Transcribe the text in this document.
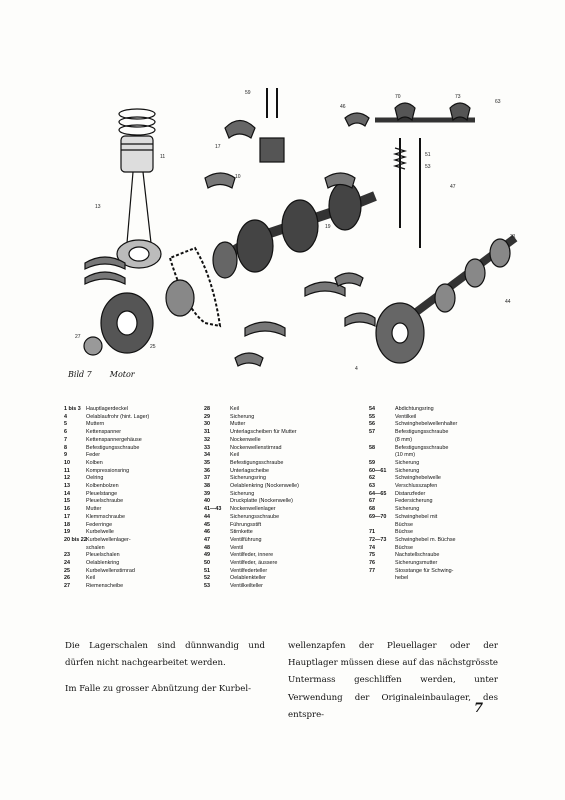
13
11
17
10
59
46
70	73
63
51
53
47
27
25
19
31
44
4
Bild 7 Motor
1 bis 3 Hauptlagerdeckel
4	Oelablaufrohr (hint. Lager)
5	Muttern
6	Kettenspanner
7	Kettenspannergehäuse
8	Befestigungsschraube
9	Feder
10	Kolben
11	Kompressionsring
12	Oelring
13	Kolbenbolzen
14	Pleuelstange
15	Pleuelschraube
16	Mutter
17	Klemmschraube
18	Federringe
19	Kurbelwelle
20 bis 22 Kurbelwellenlager-
schalen
23	Pleuelschalen
24	Oelablenkring
25	Kurbelwellenstirnrad
26	Keil
27	Riemenscheibe
28	Keil
29	Sicherung
30	Mutter
31	Unterlagscheiben für Mutter
32	Nockenwelle
33	Nockenwellenstirnrad
34	Keil
35	Befestigungsschraube
36	Unterlagscheibe
37	Sicherungsring
38	Oelablenkring (Nockenwelle)
39	Sicherung
40	Druckplatte (Nockenwelle)
41—43	Nockenwellenlager
44	Sicherungsschraube
45	Führungsstift
46	Stirnkette
47	Ventilführung
48	Ventil
49	Ventilfeder, innere
50	Ventilfeder, äussere
51	Ventilfederteller
52	Oelablenkteller
53	Ventilkeilteller
54	Abdichtungsring
55	Ventilkeil
56	Schwinghebelwellenhalter
57	Befestigungsschraube
(8 mm)
58	Befestigungsschraube
(10 mm)
59	Sicherung
60—61	Sicherung
62	Schwinghebelwelle
63	Verschlusszapfen
64—65	Distanzfeder
67	Federsicherung
68	Sicherung
69—70	Schwinghebel mit
Büchse
71	Büchse
72—73	Schwinghebel m. Büchse
74	Büchse
75	Nachstellschraube
76	Sicherungsmutter
77	Stosstange für Schwing-
hebel

Die Lagerschalen sind dünnwandig und dürfen nicht nachgearbeitet werden.

Im Falle zu grosser Abnützung der Kurbel-

wellenzapfen der Pleuellager oder der Hauptlager müssen diese auf das nächstgrösste Untermass geschliffen werden, unter Verwendung der Originaleinbaulager, des entspre-	7
